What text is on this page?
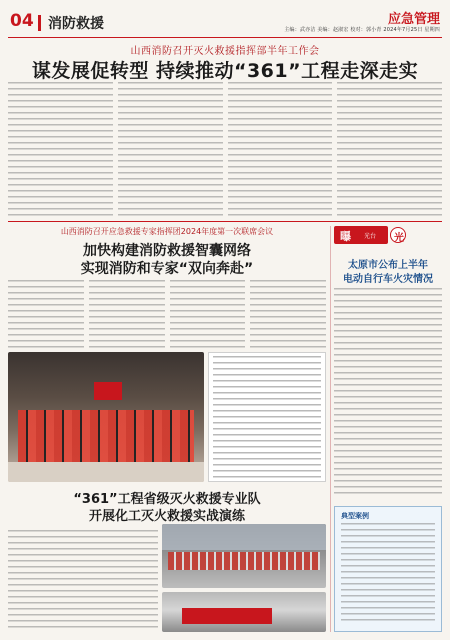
04 消防救援	应急管理
主编：武亦洁 美编：赵淑宏 校对：郭小青 2024年7月25日 星期四
山西消防召开灭火救援指挥部半年工作会
谋发展促转型 持续推动“361”工程走深走实
山西消防召开应急救援专家指挥团2024年度第一次联席会议
加快构建消防救援智囊网络
实现消防和专家“双向奔赴”
“361”工程省级灭火救援专业队
开展化工灭火救援实战演练
曝 光台
光
太原市公布上半年
电动自行车火灾情况
典型案例
